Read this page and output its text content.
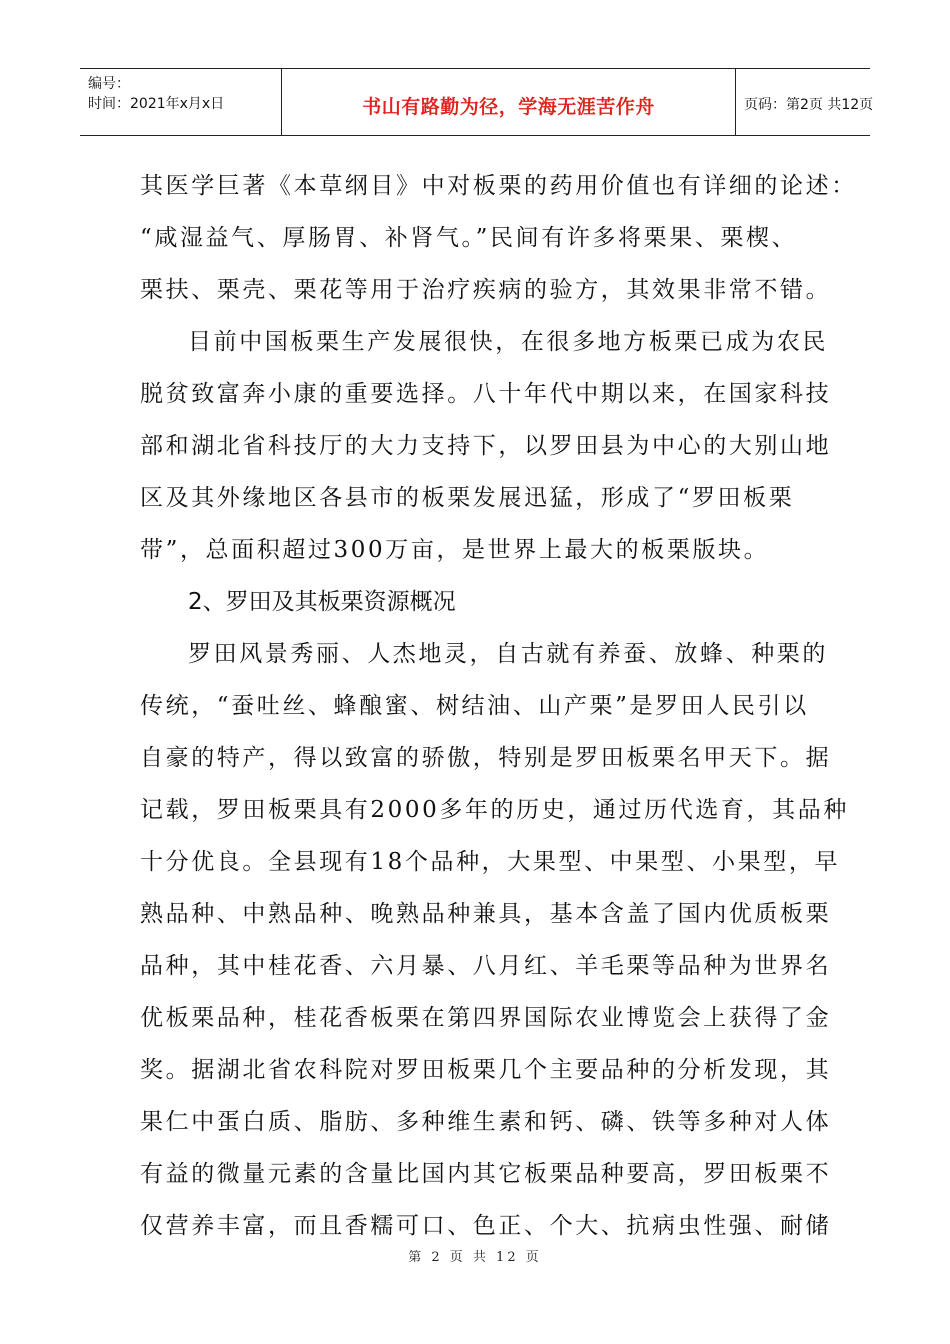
编号：
时间：2021年x月x日	书山有路勤为径，学海无涯苦作舟	页码：第2页 共12页
其医学巨著《本草纲目》中对板栗的药用价值也有详细的论述：
“咸湿益气、厚肠胃、补肾气。”民间有许多将栗果、栗楔、
栗扶、栗壳、栗花等用于治疗疾病的验方，其效果非常不错。
目前中国板栗生产发展很快，在很多地方板栗已成为农民
脱贫致富奔小康的重要选择。八十年代中期以来，在国家科技
部和湖北省科技厅的大力支持下，以罗田县为中心的大别山地
区及其外缘地区各县市的板栗发展迅猛，形成了“罗田板栗
带”，总面积超过300万亩，是世界上最大的板栗版块。
2、罗田及其板栗资源概况
罗田风景秀丽、人杰地灵，自古就有养蚕、放蜂、种栗的
传统，“蚕吐丝、蜂酿蜜、树结油、山产栗”是罗田人民引以
自豪的特产，得以致富的骄傲，特别是罗田板栗名甲天下。据
记载，罗田板栗具有2000多年的历史，通过历代选育，其品种
十分优良。全县现有18个品种，大果型、中果型、小果型，早
熟品种、中熟品种、晚熟品种兼具，基本含盖了国内优质板栗
品种，其中桂花香、六月暴、八月红、羊毛栗等品种为世界名
优板栗品种，桂花香板栗在第四界国际农业博览会上获得了金
奖。据湖北省农科院对罗田板栗几个主要品种的分析发现，其
果仁中蛋白质、脂肪、多种维生素和钙、磷、铁等多种对人体
有益的微量元素的含量比国内其它板栗品种要高，罗田板栗不
仅营养丰富，而且香糯可口、色正、个大、抗病虫性强、耐储
第 2 页 共 12 页
